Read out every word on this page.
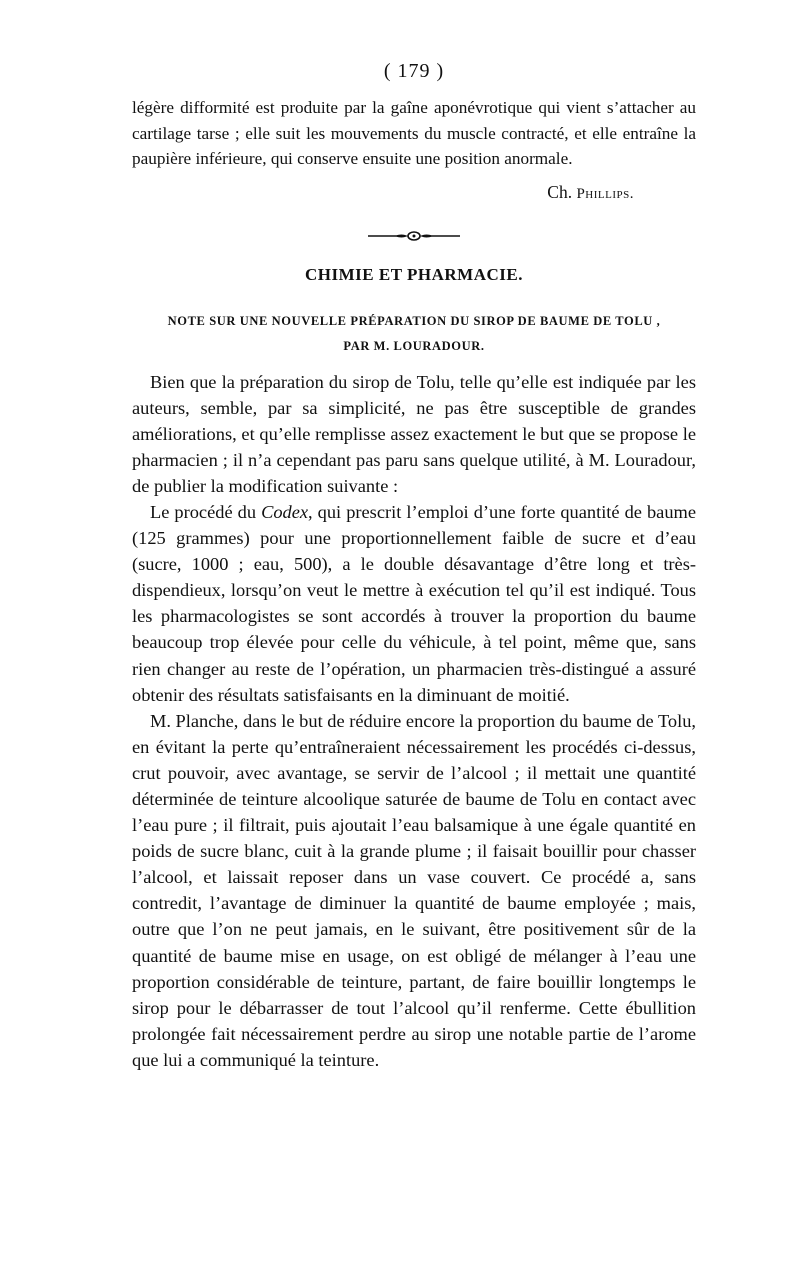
( 179 )

légère difformité est produite par la gaîne aponévrotique qui vient s’attacher au cartilage tarse ; elle suit les mouvements du muscle contracté, et elle entraîne la paupière inférieure, qui conserve ensuite une position anormale.

Ch. Phillips.
CHIMIE ET PHARMACIE.
NOTE SUR UNE NOUVELLE PRÉPARATION DU SIROP DE BAUME DE TOLU ,
PAR M. LOURADOUR.

Bien que la préparation du sirop de Tolu, telle qu’elle est indiquée par les auteurs, semble, par sa simplicité, ne pas être susceptible de grandes améliorations, et qu’elle remplisse assez exactement le but que se propose le pharmacien ; il n’a cependant pas paru sans quelque utilité, à M. Louradour, de publier la modification suivante :

Le procédé du Codex, qui prescrit l’emploi d’une forte quantité de baume (125 grammes) pour une proportionnellement faible de sucre et d’eau (sucre, 1000 ; eau, 500), a le double désavantage d’être long et très-dispendieux, lorsqu’on veut le mettre à exécution tel qu’il est indiqué. Tous les pharmacologistes se sont accordés à trouver la proportion du baume beaucoup trop élevée pour celle du véhicule, à tel point, même que, sans rien changer au reste de l’opération, un pharmacien très-distingué a assuré obtenir des résultats satisfaisants en la diminuant de moitié.

M. Planche, dans le but de réduire encore la proportion du baume de Tolu, en évitant la perte qu’entraîneraient nécessairement les procédés ci-dessus, crut pouvoir, avec avantage, se servir de l’alcool ; il mettait une quantité déterminée de teinture alcoolique saturée de baume de Tolu en contact avec l’eau pure ; il filtrait, puis ajoutait l’eau balsamique à une égale quantité en poids de sucre blanc, cuit à la grande plume ; il faisait bouillir pour chasser l’alcool, et laissait reposer dans un vase couvert. Ce procédé a, sans contredit, l’avantage de diminuer la quantité de baume employée ; mais, outre que l’on ne peut jamais, en le suivant, être positivement sûr de la quantité de baume mise en usage, on est obligé de mélanger à l’eau une proportion considérable de teinture, partant, de faire bouillir longtemps le sirop pour le débarrasser de tout l’alcool qu’il renferme. Cette ébullition prolongée fait nécessairement perdre au sirop une notable partie de l’arome que lui a communiqué la teinture.
